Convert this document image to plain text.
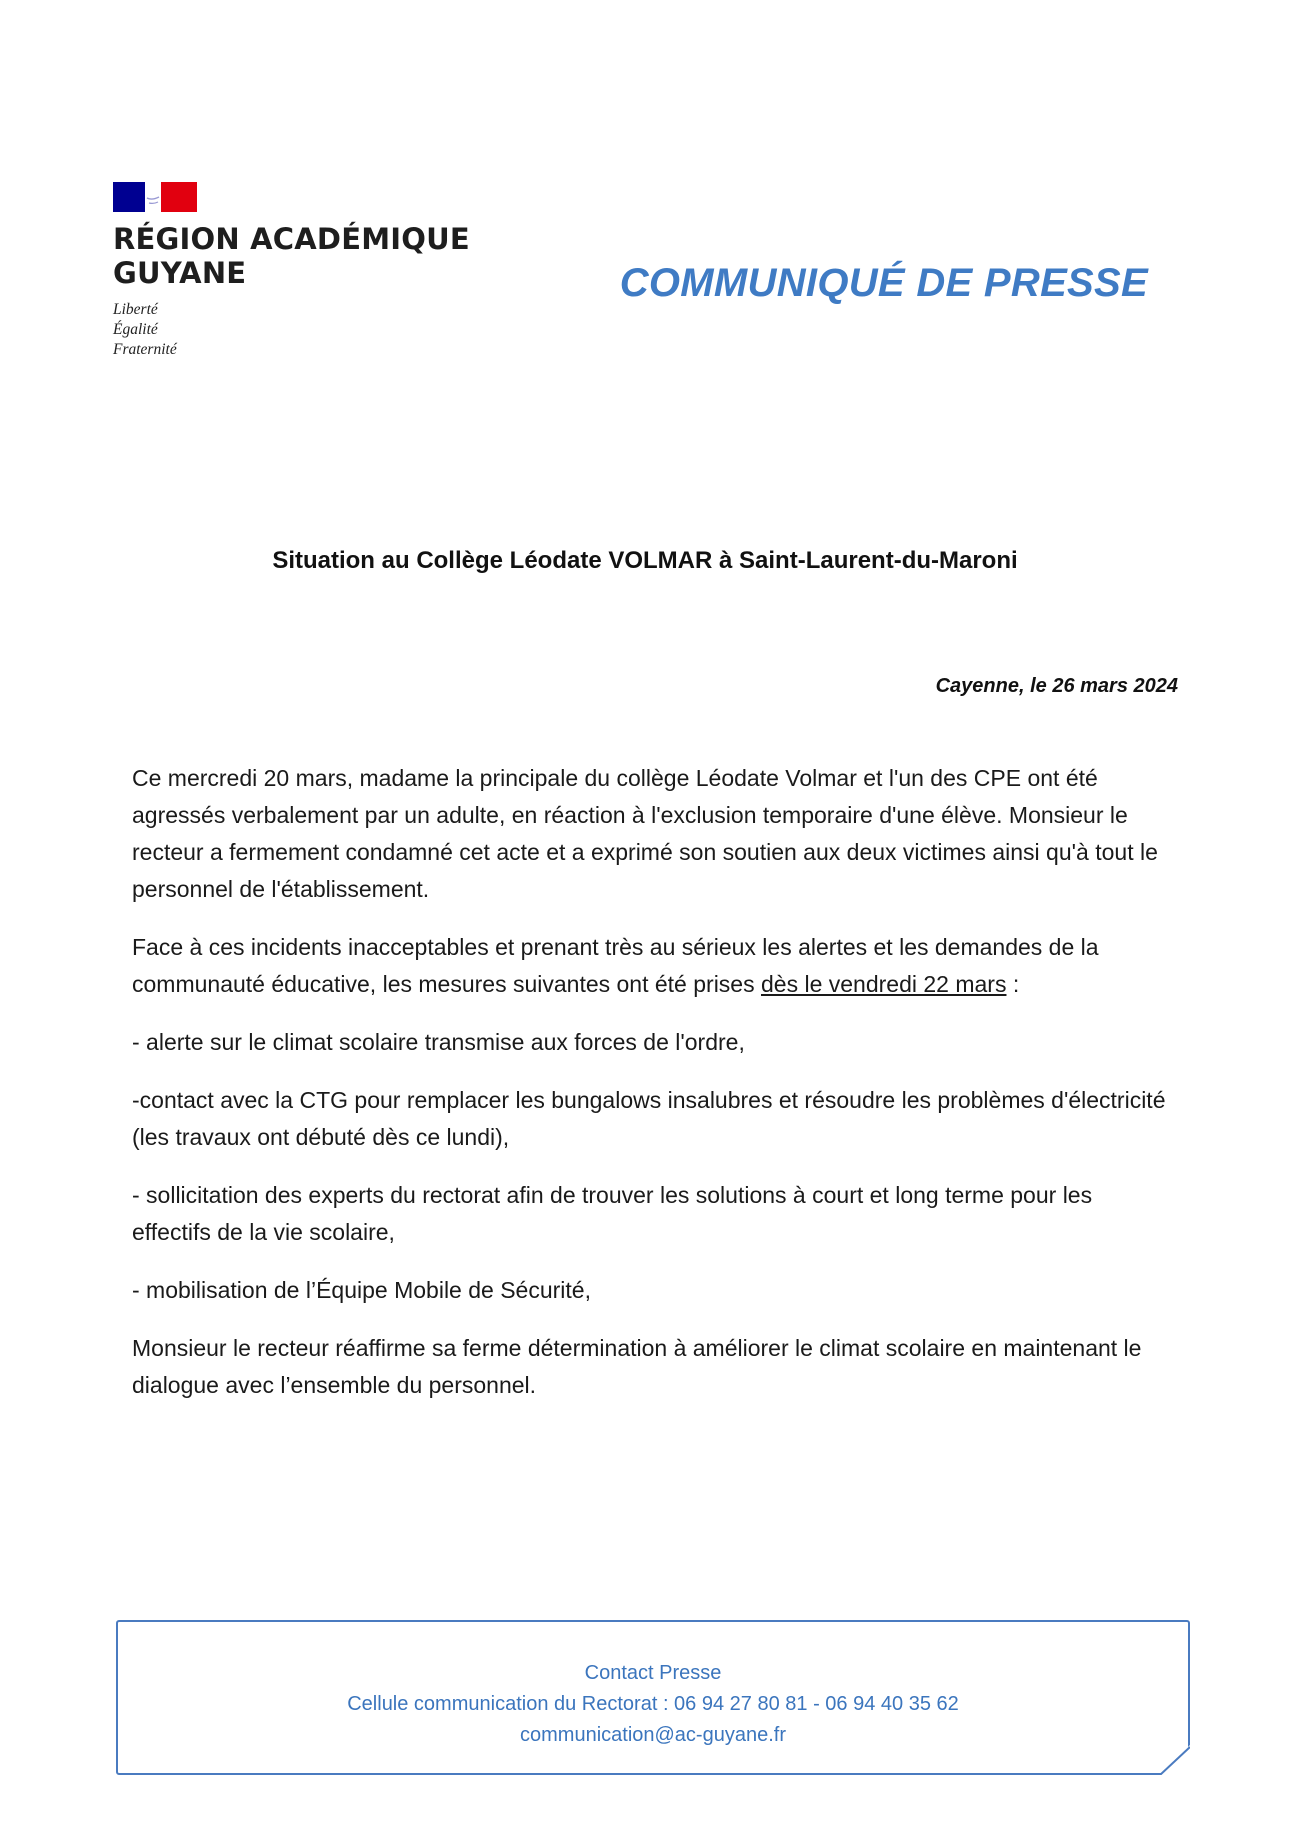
RÉGION ACADÉMIQUE
GUYANE
Liberté
Égalité
Fraternité
COMMUNIQUÉ DE PRESSE
Situation au Collège Léodate VOLMAR à Saint-Laurent-du-Maroni

Cayenne, le 26 mars 2024

Ce mercredi 20 mars, madame la principale du collège Léodate Volmar et l'un des CPE ont été agressés verbalement par un adulte, en réaction à l'exclusion temporaire d'une élève. Monsieur le recteur a fermement condamné cet acte et a exprimé son soutien aux deux victimes ainsi qu'à tout le personnel de l'établissement.

Face à ces incidents inacceptables et prenant très au sérieux les alertes et les demandes de la communauté éducative, les mesures suivantes ont été prises dès le vendredi 22 mars :

- alerte sur le climat scolaire transmise aux forces de l'ordre,

-contact avec la CTG pour remplacer les bungalows insalubres et résoudre les problèmes d'électricité (les travaux ont débuté dès ce lundi),

- sollicitation des experts du rectorat afin de trouver les solutions à court et long terme pour les effectifs de la vie scolaire,

- mobilisation de l’Équipe Mobile de Sécurité,

Monsieur le recteur réaffirme sa ferme détermination à améliorer le climat scolaire en maintenant le dialogue avec l’ensemble du personnel.

Contact Presse
Cellule communication du Rectorat : 06 94 27 80 81 - 06 94 40 35 62
communication@ac-guyane.fr
